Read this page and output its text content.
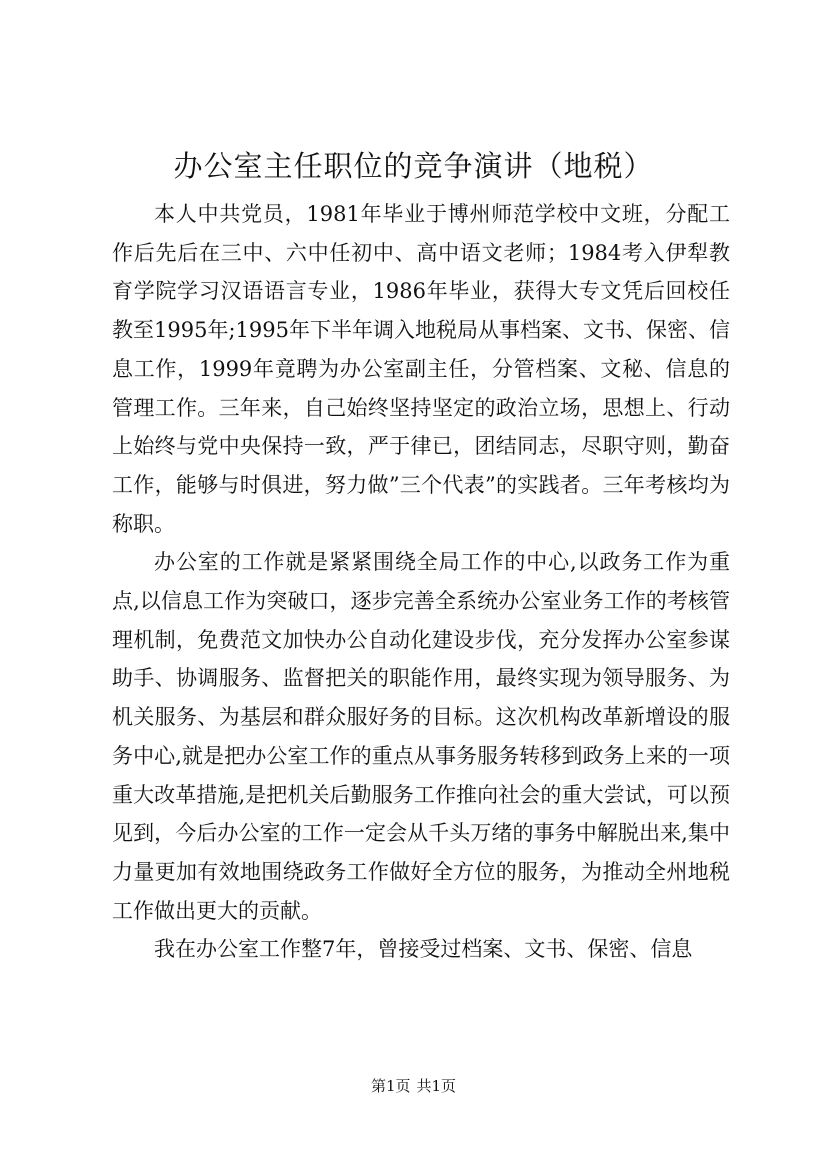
办公室主任职位的竞争演讲（地税）

本人中共党员，1981年毕业于博州师范学校中文班，分配工作后先后在三中、六中任初中、高中语文老师；1984考入伊犁教育学院学习汉语语言专业，1986年毕业，获得大专文凭后回校任教至1995年;1995年下半年调入地税局从事档案、文书、保密、信息工作，1999年竟聘为办公室副主任，分管档案、文秘、信息的管理工作。三年来，自己始终坚持坚定的政治立场，思想上、行动上始终与党中央保持一致，严于律已，团结同志，尽职守则，勤奋工作，能够与时俱进，努力做”三个代表”的实践者。三年考核均为称职。

办公室的工作就是紧紧围绕全局工作的中心,以政务工作为重点,以信息工作为突破口，逐步完善全系统办公室业务工作的考核管理机制，免费范文加快办公自动化建设步伐，充分发挥办公室参谋助手、协调服务、监督把关的职能作用，最终实现为领导服务、为机关服务、为基层和群众服好务的目标。这次机构改革新增设的服务中心,就是把办公室工作的重点从事务服务转移到政务上来的一项重大改革措施,是把机关后勤服务工作推向社会的重大尝试，可以预见到，今后办公室的工作一定会从千头万绪的事务中解脱出来,集中力量更加有效地围绕政务工作做好全方位的服务，为推动全州地税工作做出更大的贡献。

我在办公室工作整7年，曾接受过档案、文书、保密、信息

第1页 共1页
